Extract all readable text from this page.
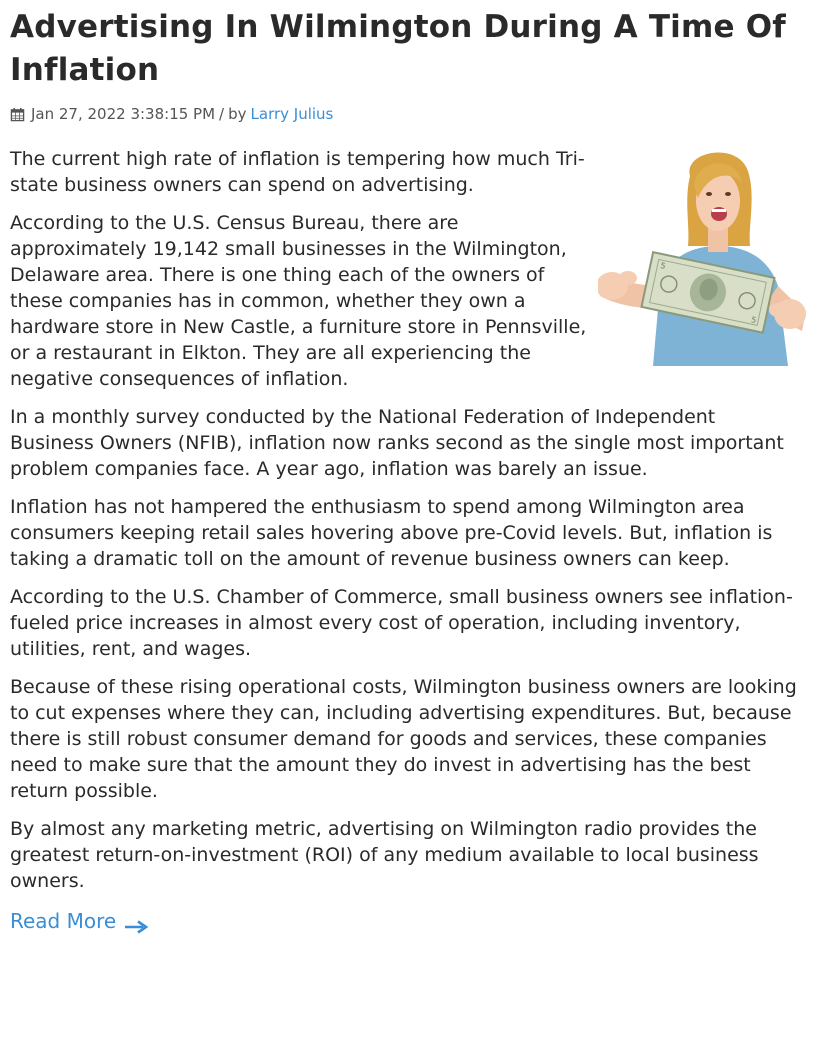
Advertising In Wilmington During A Time Of Inflation
Jan 27, 2022 3:38:15 PM / by Larry Julius
5
5

The current high rate of inflation is tempering how much Tri-state business owners can spend on advertising.

According to the U.S. Census Bureau, there are approximately 19,142 small businesses in the Wilmington, Delaware area. There is one thing each of the owners of these companies has in common, whether they own a hardware store in New Castle, a furniture store in Pennsville, or a restaurant in Elkton. They are all experiencing the negative consequences of inflation.

In a monthly survey conducted by the National Federation of Independent Business Owners (NFIB), inflation now ranks second as the single most important problem companies face. A year ago, inflation was barely an issue.

Inflation has not hampered the enthusiasm to spend among Wilmington area consumers keeping retail sales hovering above pre-Covid levels. But, inflation is taking a dramatic toll on the amount of revenue business owners can keep.

According to the U.S. Chamber of Commerce, small business owners see inflation-fueled price increases in almost every cost of operation, including inventory, utilities, rent, and wages.

Because of these rising operational costs, Wilmington business owners are looking to cut expenses where they can, including advertising expenditures. But, because there is still robust consumer demand for goods and services, these companies need to make sure that the amount they do invest in advertising has the best return possible.

By almost any marketing metric, advertising on Wilmington radio provides the greatest return-on-investment (ROI) of any medium available to local business owners.

Read More
